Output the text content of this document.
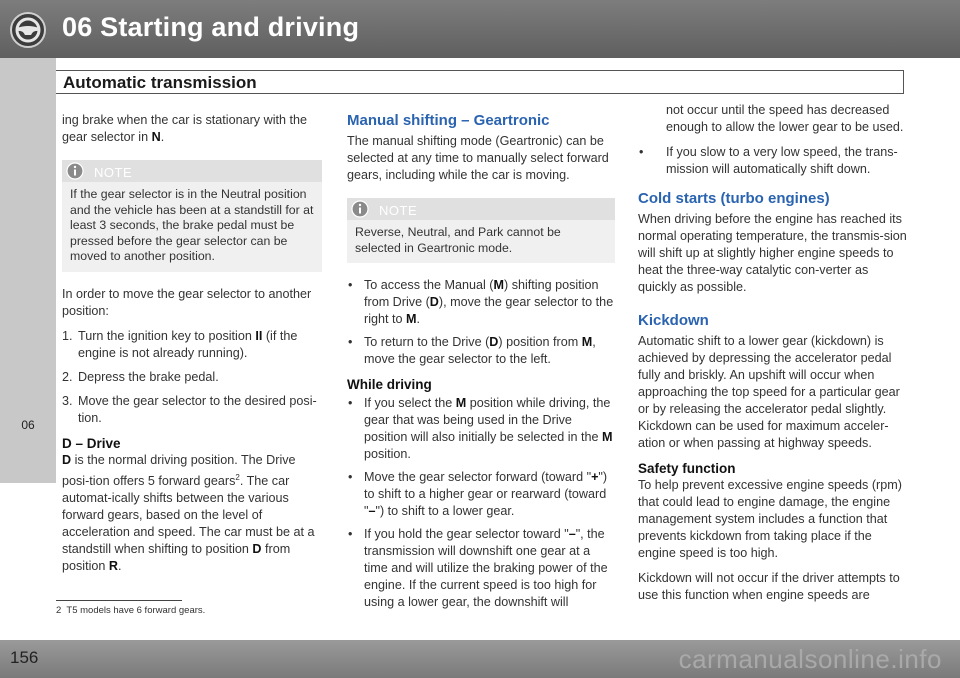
06 Starting and driving
Automatic transmission
06

ing brake when the car is stationary with the gear selector in N.

NOTE
If the gear selector is in the Neutral position and the vehicle has been at a standstill for at least 3 seconds, the brake pedal must be pressed before the gear selector can be moved to another position.

In order to move the gear selector to another position:

1. Turn the ignition key to position II (if the engine is not already running).
2. Depress the brake pedal.
3. Move the gear selector to the desired posi-tion.
D – Drive

D is the normal driving position. The Drive posi-tion offers 5 forward gears$^2$. The car automat-ically shifts between the various forward gears, based on the level of acceleration and speed. The car must be at a standstill when shifting to position D from position R.

Manual shifting – Geartronic

The manual shifting mode (Geartronic) can be selected at any time to manually select forward gears, including while the car is moving.

NOTE
Reverse, Neutral, and Park cannot be selected in Geartronic mode.
• To access the Manual (M) shifting position from Drive (D), move the gear selector to the right to M.
• To return to the Drive (D) position from M, move the gear selector to the left.
While driving
• If you select the M position while driving, the gear that was being used in the Drive position will also initially be selected in the M position.
• Move the gear selector forward (toward "+") to shift to a higher gear or rearward (toward "–") to shift to a lower gear.
• If you hold the gear selector toward "–", the transmission will downshift one gear at a time and will utilize the braking power of the engine. If the current speed is too high for using a lower gear, the downshift will

not occur until the speed has decreased enough to allow the lower gear to be used.

• If you slow to a very low speed, the trans-mission will automatically shift down.
Cold starts (turbo engines)

When driving before the engine has reached its normal operating temperature, the transmis-sion will shift up at slightly higher engine speeds to heat the three-way catalytic con-verter as quickly as possible.

Kickdown

Automatic shift to a lower gear (kickdown) is achieved by depressing the accelerator pedal fully and briskly. An upshift will occur when approaching the top speed for a particular gear or by releasing the accelerator pedal slightly. Kickdown can be used for maximum acceler-ation or when passing at highway speeds.

Safety function

To help prevent excessive engine speeds (rpm) that could lead to engine damage, the engine management system includes a function that prevents kickdown from taking place if the engine speed is too high.

Kickdown will not occur if the driver attempts to use this function when engine speeds are

2 T5 models have 6 forward gears.
156	carmanualsonline.info
